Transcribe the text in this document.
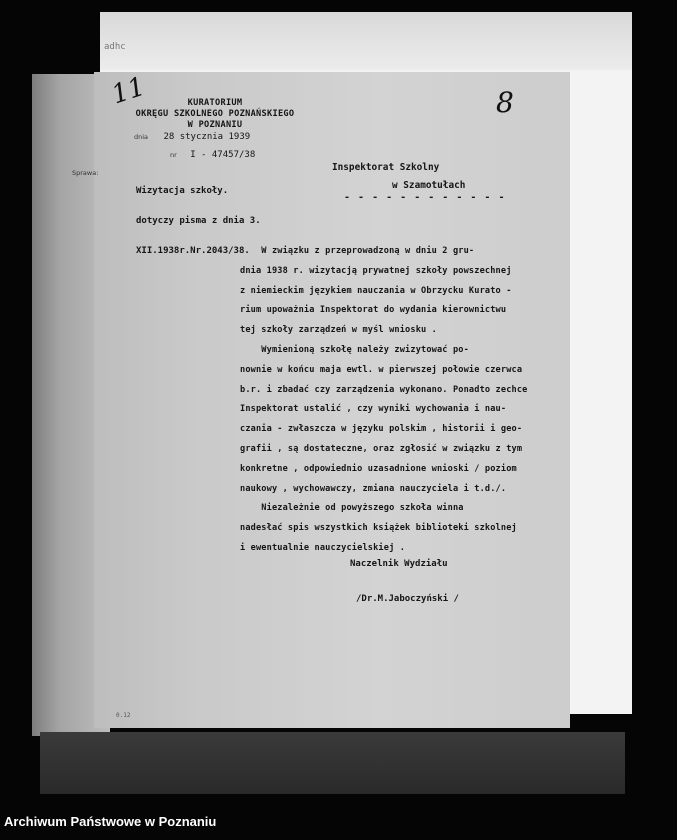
adhc
11	8
KURATORIUM
OKRĘGU SZKOLNEGO POZNAŃSKIEGO
W POZNANIU
dnia 28 stycznia 1939
nr I - 47457/38
Sprawa:

Wizytacja szkoły.

dotyczy pisma z dnia 3.

XII.1938r.Nr.2043/38.

Inspektorat Szkolny
w Szamotułach
- - - - - - - - - - - -
W związku z przeprowadzoną w dniu 2 gru-
dnia 1938 r. wizytacją prywatnej szkoły powszechnej
z niemieckim językiem nauczania w Obrzycku Kurato -
rium upoważnia Inspektorat do wydania kierownictwu
tej szkoły zarządzeń w myśl wniosku .
Wymienioną szkołę należy zwizytować po-
nownie w końcu maja ewtl. w pierwszej połowie czerwca
b.r. i zbadać czy zarządzenia wykonano. Ponadto zechce
Inspektorat ustalić , czy wyniki wychowania i nau-
czania - zwłaszcza w języku polskim , historii i geo-
grafii , są dostateczne, oraz zgłosić w związku z tym
konkretne , odpowiednio uzasadnione wnioski / poziom
naukowy , wychowawczy, zmiana nauczyciela i t.d./.
Niezależnie od powyższego szkoła winna
nadesłać spis wszystkich książek biblioteki szkolnej
i ewentualnie nauczycielskiej .
Naczelnik Wydziału
/Dr.M.Jaboczyński /
0.12
Archiwum Państwowe w Poznaniu
